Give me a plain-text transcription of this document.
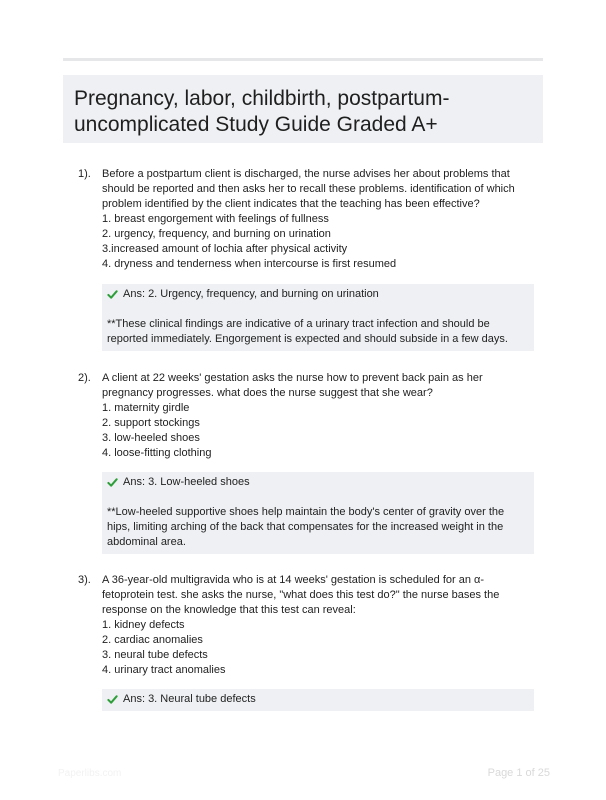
Pregnancy, labor, childbirth, postpartum-uncomplicated Study Guide Graded A+
1). Before a postpartum client is discharged, the nurse advises her about problems that should be reported and then asks her to recall these problems. identification of which problem identified by the client indicates that the teaching has been effective?
1. breast engorgement with feelings of fullness
2. urgency, frequency, and burning on urination
3.increased amount of lochia after physical activity
4. dryness and tenderness when intercourse is first resumed
Ans: 2. Urgency, frequency, and burning on urination
**These clinical findings are indicative of a urinary tract infection and should be reported immediately. Engorgement is expected and should subside in a few days.
2). A client at 22 weeks' gestation asks the nurse how to prevent back pain as her pregnancy progresses. what does the nurse suggest that she wear?
1. maternity girdle
2. support stockings
3. low-heeled shoes
4. loose-fitting clothing
Ans: 3. Low-heeled shoes
**Low-heeled supportive shoes help maintain the body's center of gravity over the hips, limiting arching of the back that compensates for the increased weight in the abdominal area.
3). A 36-year-old multigravida who is at 14 weeks' gestation is scheduled for an α-fetoprotein test. she asks the nurse, "what does this test do?" the nurse bases the response on the knowledge that this test can reveal:
1. kidney defects
2. cardiac anomalies
3. neural tube defects
4. urinary tract anomalies
Ans: 3. Neural tube defects
Paperlibs.com	Page 1 of 25
